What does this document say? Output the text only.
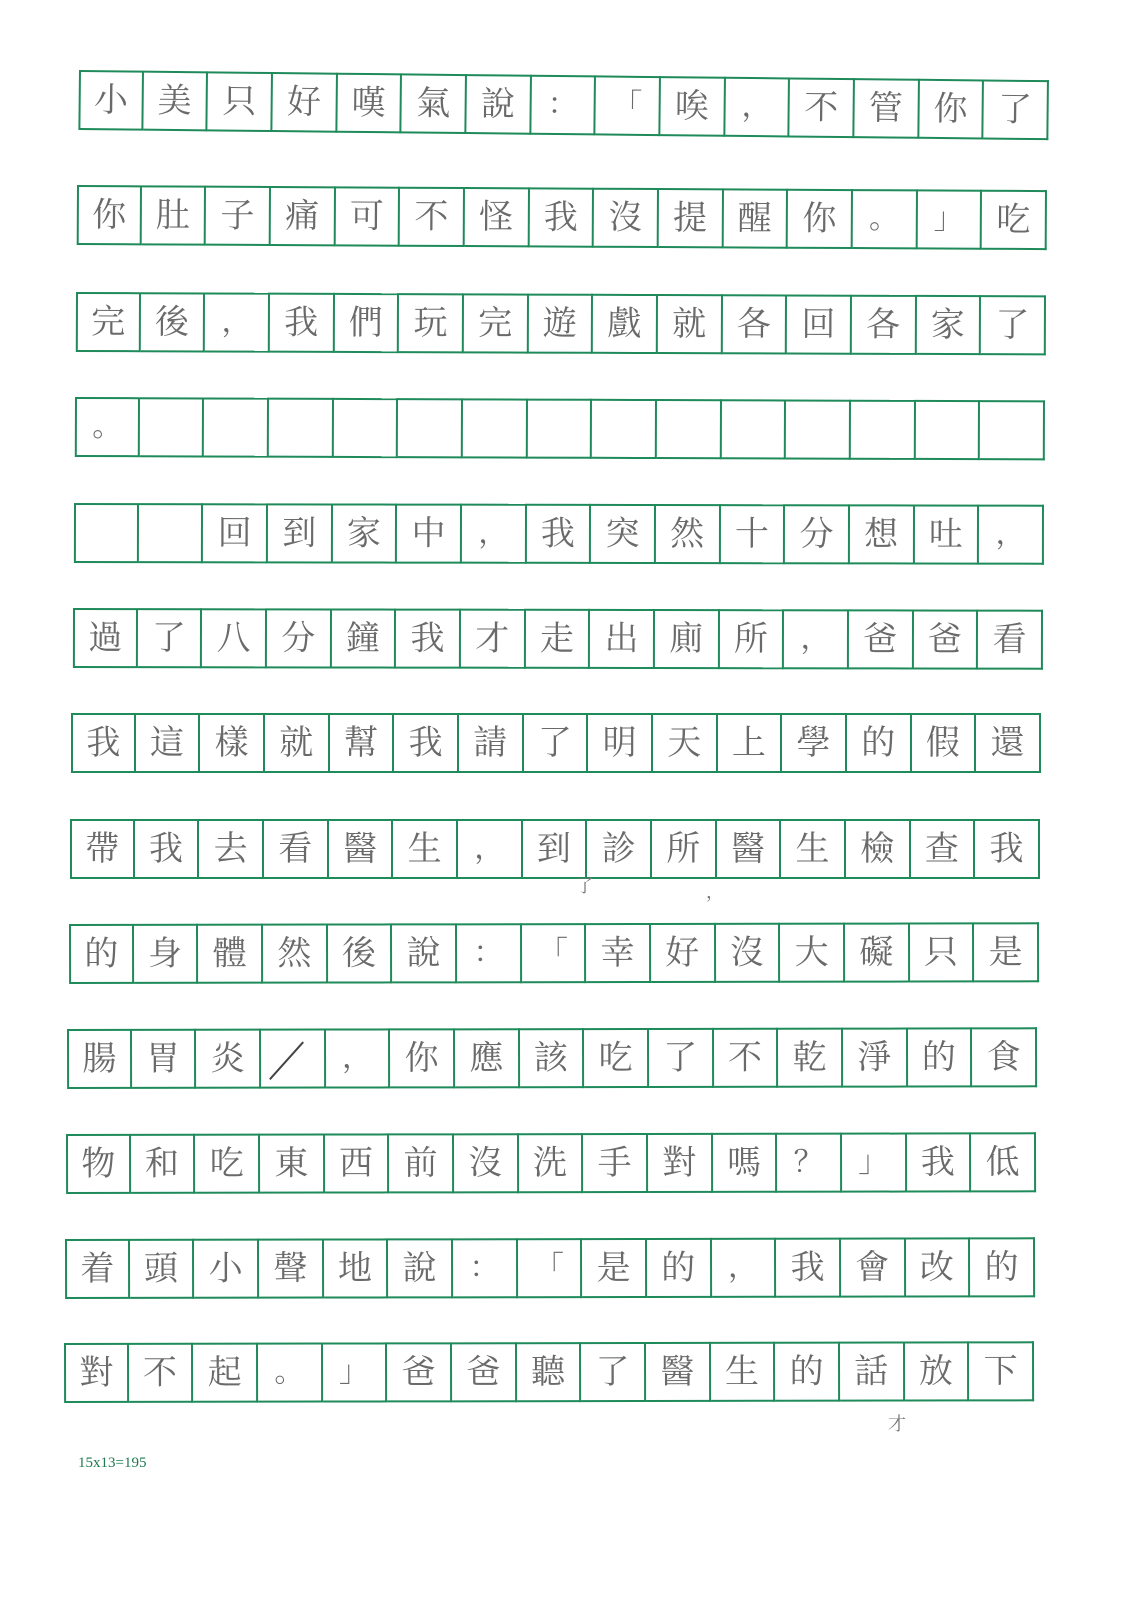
小 美 只 好 嘆 氣 說	：	「 唉	， 不 管 你 了
你 肚 子 痛 可 不 怪 我 沒 提 醒 你	。	」 吃
完 後	， 我 們 玩 完 遊 戲 就 各 回 各 家 了
。
回 到 家 中	， 我 突 然 十 分 想 吐	，
過 了 八 分 鐘 我 才 走 出 廁 所	， 爸 爸 看
我 這 樣 就 幫 我 請 了 明 天 上 學 的 假 還
帶 我 去 看 醫 生	， 到 診 所 醫 生 檢 查 我
的 身 體 然 後 說	：	「 幸 好 沒 大 礙 只 是
腸 胃 炎	， 你 應 該 吃 了 不 乾 淨 的 食
物 和 吃 東 西 前 沒 洗 手 對 嗎	？	」 我 低
着 頭 小 聲 地 說	：	「 是 的	， 我 會 改 的
對 不 起	。	」 爸 爸 聽 了 醫 生 的 話 放 下
了	，
才
15x13=195
